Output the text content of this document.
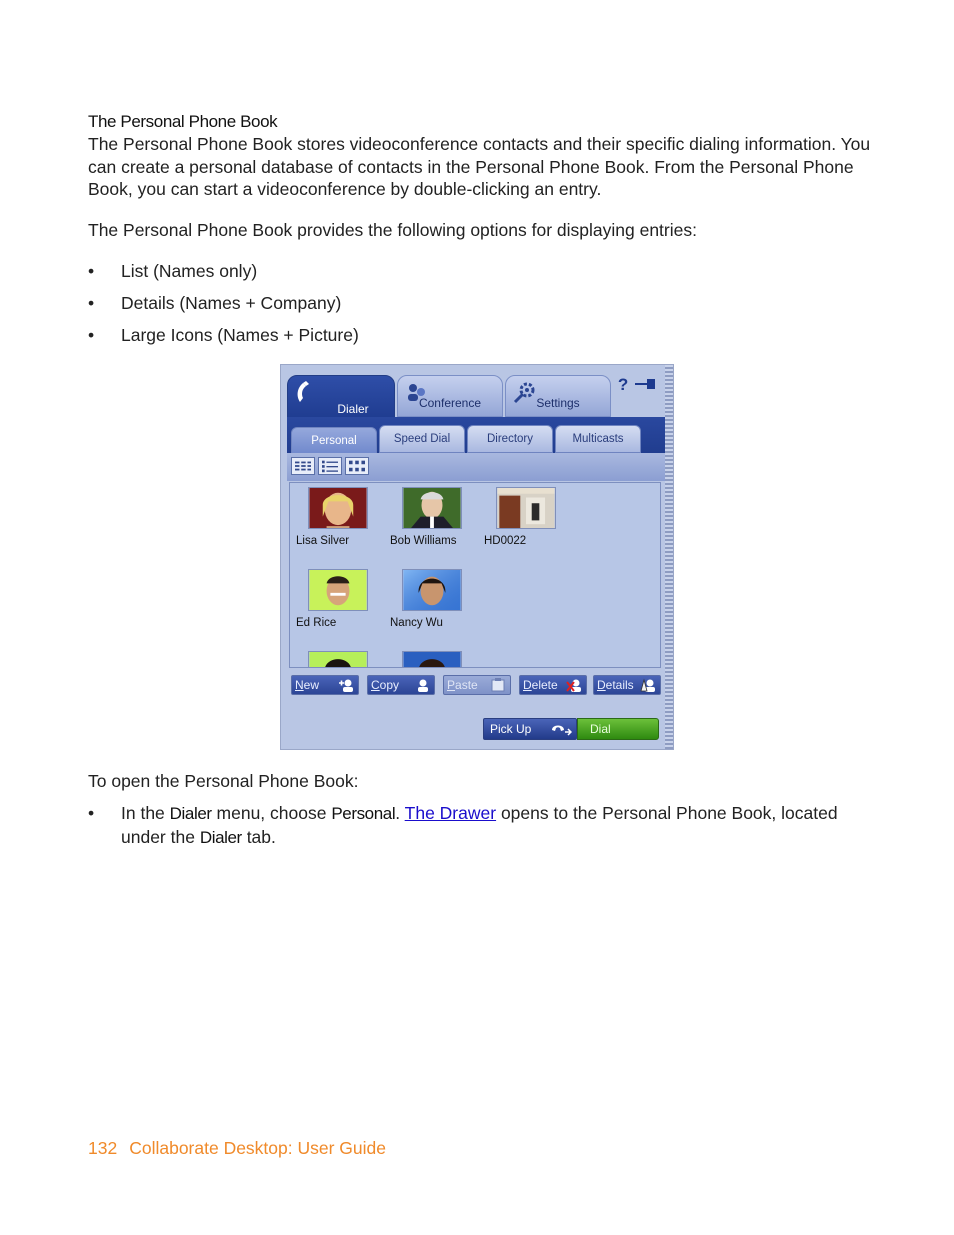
The Personal Phone Book

The Personal Phone Book stores videoconference contacts and their specific dialing information. You can create a personal database of contacts in the Personal Phone Book. From the Personal Phone Book, you can start a videoconference by double-clicking an entry.

The Personal Phone Book provides the following options for displaying entries:

• List (Names only)
• Details (Names + Company)
• Large Icons (Names + Picture)
Dialer	Conference	Settings
?
Personal	Speed Dial	Directory	Multicasts
Lisa Silver	Bob Williams HD0022
Ed Rice	Nancy Wu
New	Copy	Paste	Delete	Details
Pick Up	Dial

To open the Personal Phone Book:

• In the Dialer menu, choose Personal. The Drawer opens to the Personal Phone Book, located under the Dialer tab.
132 Collaborate Desktop: User Guide
